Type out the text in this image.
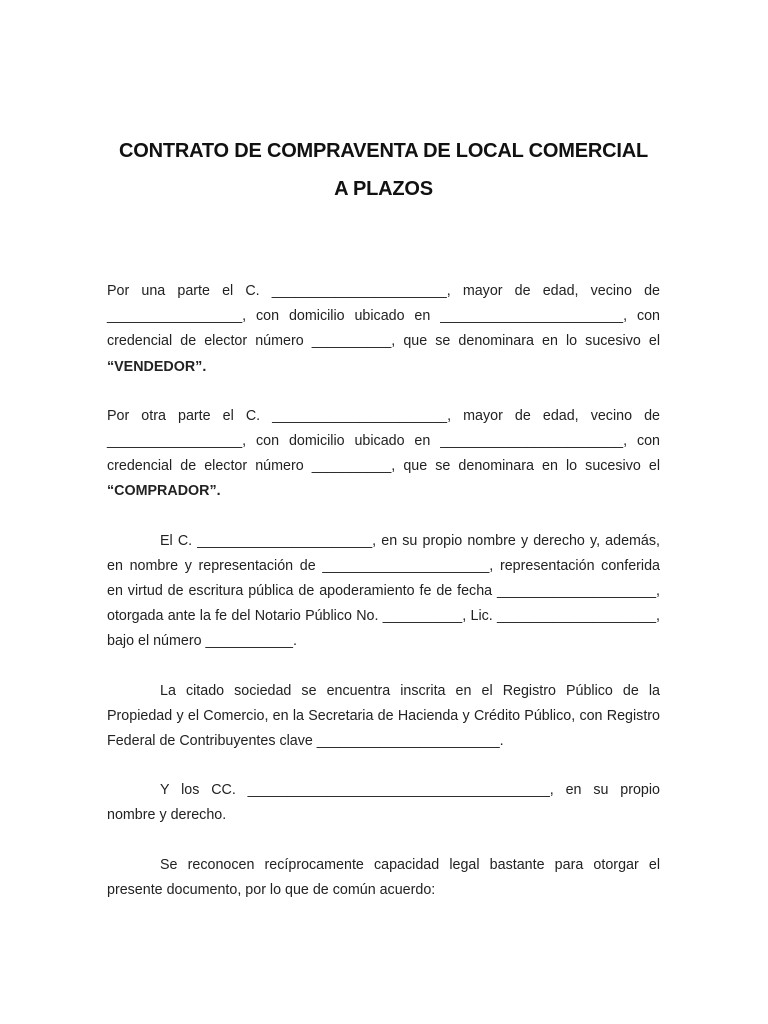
CONTRATO DE COMPRAVENTA DE LOCAL COMERCIAL
A PLAZOS

Por una parte el C. ______________________, mayor de edad, vecino de _________________, con domicilio ubicado en _______________________, con credencial de elector número __________, que se denominara en lo sucesivo el “VENDEDOR”.

Por otra parte el C. ______________________, mayor de edad, vecino de _________________, con domicilio ubicado en _______________________, con credencial de elector número __________, que se denominara en lo sucesivo el “COMPRADOR”.

El C. ______________________, en su propio nombre y derecho y, además, en nombre y representación de _____________________, representación conferida en virtud de escritura pública de apoderamiento fe de fecha ____________________, otorgada ante la fe del Notario Público No. __________, Lic. ____________________, bajo el número ___________.

La citado sociedad se encuentra inscrita en el Registro Público de la Propiedad y el Comercio, en la Secretaria de Hacienda y Crédito Público, con Registro Federal de Contribuyentes clave _______________________.

Y los CC. ______________________________________, en su propio nombre y derecho.

Se reconocen recíprocamente capacidad legal bastante para otorgar el presente documento, por lo que de común acuerdo:
